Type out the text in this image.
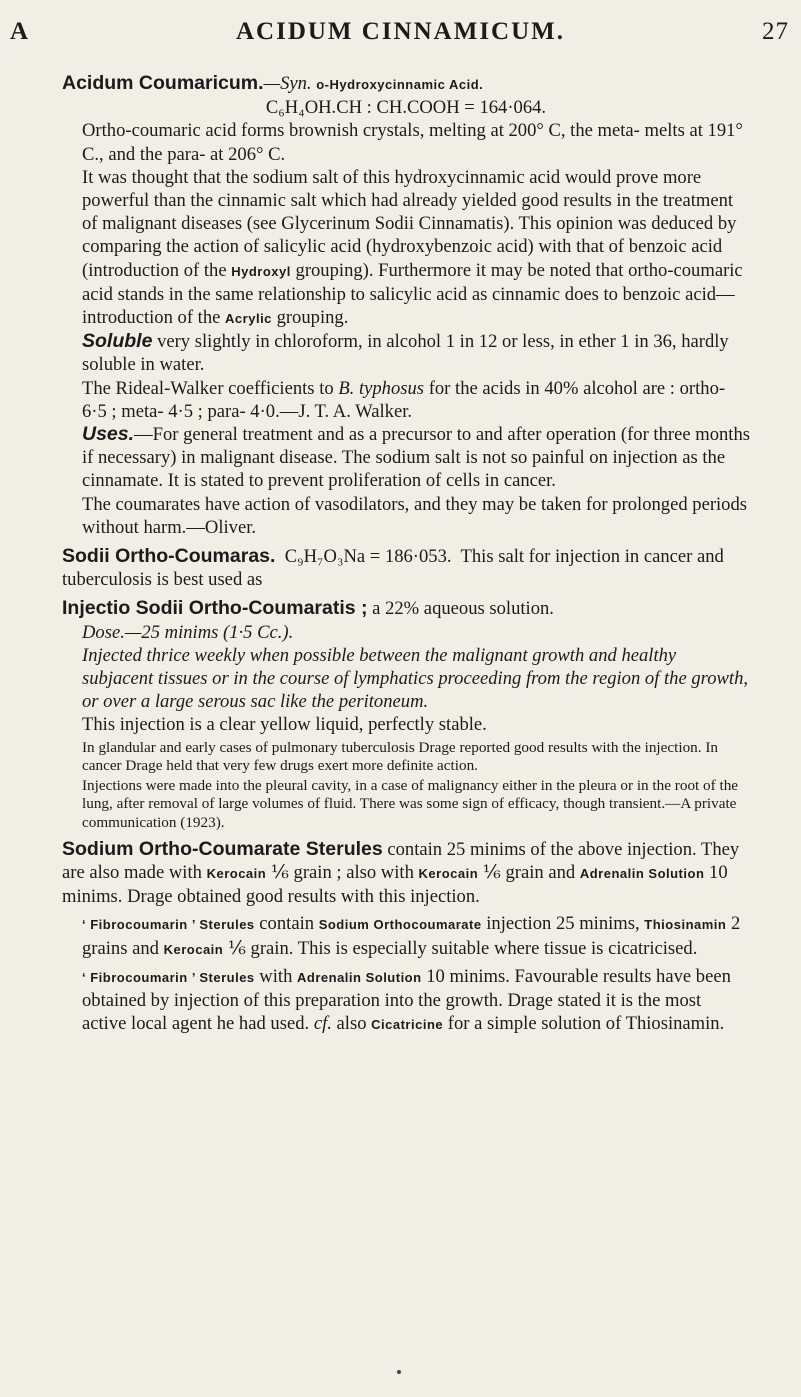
A	ACIDUM CINNAMICUM.	27

Acidum Coumaricum.—Syn. o-Hydroxycinnamic Acid.

C₆H₄OH.CH : CH.COOH = 164·064.

Ortho-coumaric acid forms brownish crystals, melting at 200° C, the meta- melts at 191° C., and the para- at 206° C.

It was thought that the sodium salt of this hydroxycinnamic acid would prove more powerful than the cinnamic salt which had already yielded good results in the treatment of malignant diseases (see Glycerinum Sodii Cinnamatis). This opinion was deduced by comparing the action of salicylic acid (hydroxybenzoic acid) with that of benzoic acid (introduction of the Hydroxyl grouping). Furthermore it may be noted that ortho-coumaric acid stands in the same relationship to salicylic acid as cinnamic does to benzoic acid—introduction of the Acrylic grouping.

Soluble very slightly in chloroform, in alcohol 1 in 12 or less, in ether 1 in 36, hardly soluble in water.

The Rideal-Walker coefficients to B. typhosus for the acids in 40% alcohol are : ortho- 6·5 ; meta- 4·5 ; para- 4·0.—J. T. A. Walker.

Uses.—For general treatment and as a precursor to and after operation (for three months if necessary) in malignant disease. The sodium salt is not so painful on injection as the cinnamate. It is stated to prevent proliferation of cells in cancer.

The coumarates have action of vasodilators, and they may be taken for prolonged periods without harm.—Oliver.

Sodii Ortho-Coumaras. C₉H₇O₃Na = 186·053. This salt for injection in cancer and tuberculosis is best used as

Injectio Sodii Ortho-Coumaratis ; a 22% aqueous solution.

Dose.—25 minims (1·5 Cc.).

Injected thrice weekly when possible between the malignant growth and healthy subjacent tissues or in the course of lymphatics proceeding from the region of the growth, or over a large serous sac like the peritoneum.

This injection is a clear yellow liquid, perfectly stable.

In glandular and early cases of pulmonary tuberculosis Drage reported good results with the injection. In cancer Drage held that very few drugs exert more definite action.

Injections were made into the pleural cavity, in a case of malignancy either in the pleura or in the root of the lung, after removal of large volumes of fluid. There was some sign of efficacy, though transient.—A private communication (1923).

Sodium Ortho-Coumarate Sterules contain 25 minims of the above injection. They are also made with Kerocain ⅙ grain ; also with Kerocain ⅙ grain and Adrenalin Solution 10 minims. Drage obtained good results with this injection.

‘ Fibrocoumarin ’ Sterules contain Sodium Orthocoumarate injection 25 minims, Thiosinamin 2 grains and Kerocain ⅙ grain. This is especially suitable where tissue is cicatricised.

‘ Fibrocoumarin ’ Sterules with Adrenalin Solution 10 minims. Favourable results have been obtained by injection of this preparation into the growth. Drage stated it is the most active local agent he had used. cf. also Cicatricine for a simple solution of Thiosinamin.
